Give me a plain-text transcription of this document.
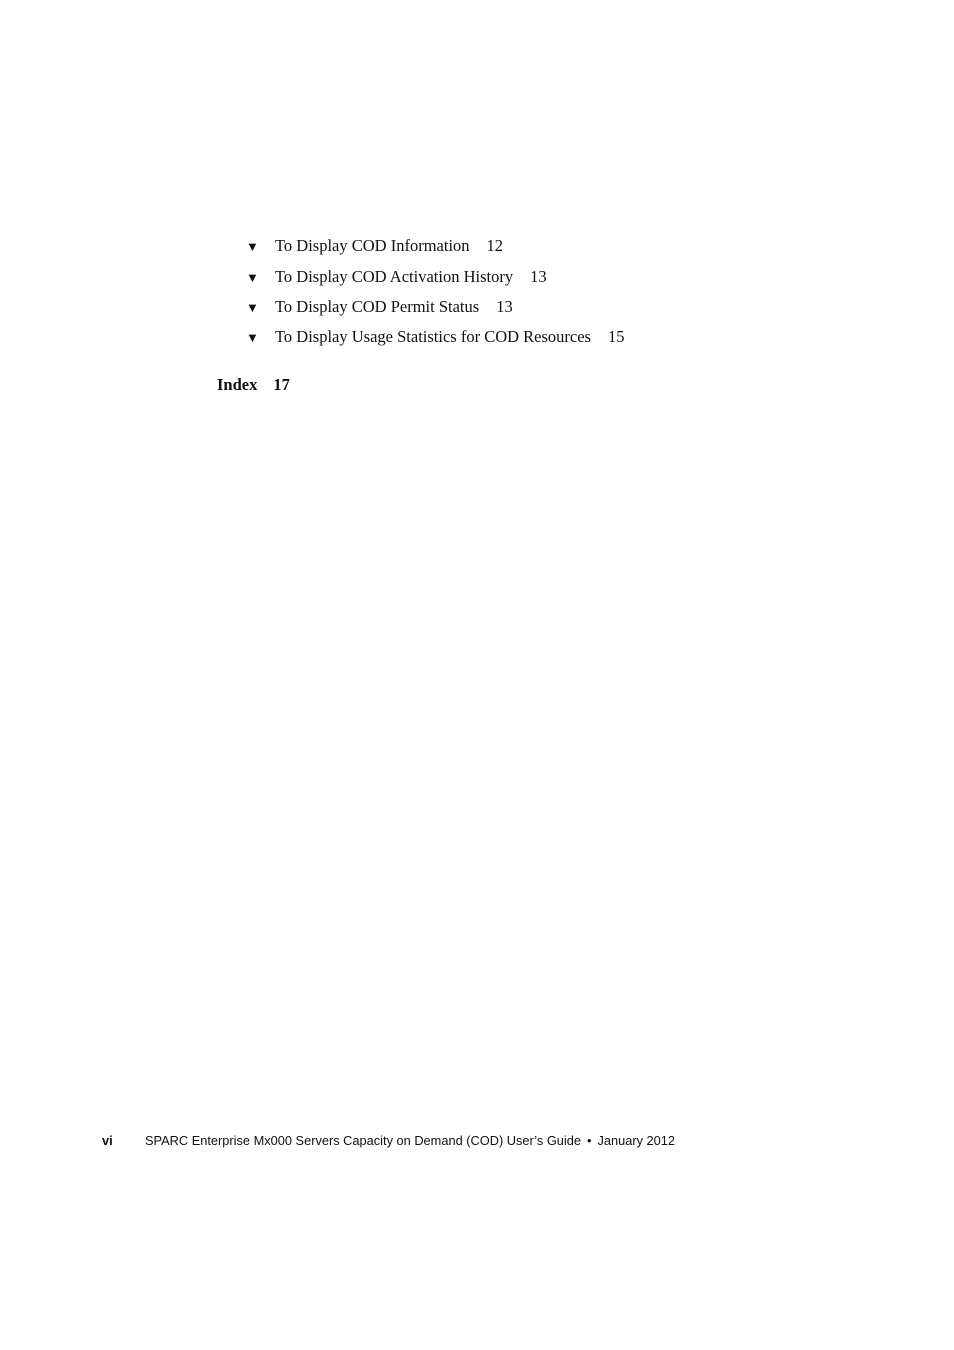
▼ To Display COD Information 12
▼ To Display COD Activation History 13
▼ To Display COD Permit Status 13
▼ To Display Usage Statistics for COD Resources 15
Index 17
vi	SPARC Enterprise Mx000 Servers Capacity on Demand (COD) User’s Guide • January 2012
